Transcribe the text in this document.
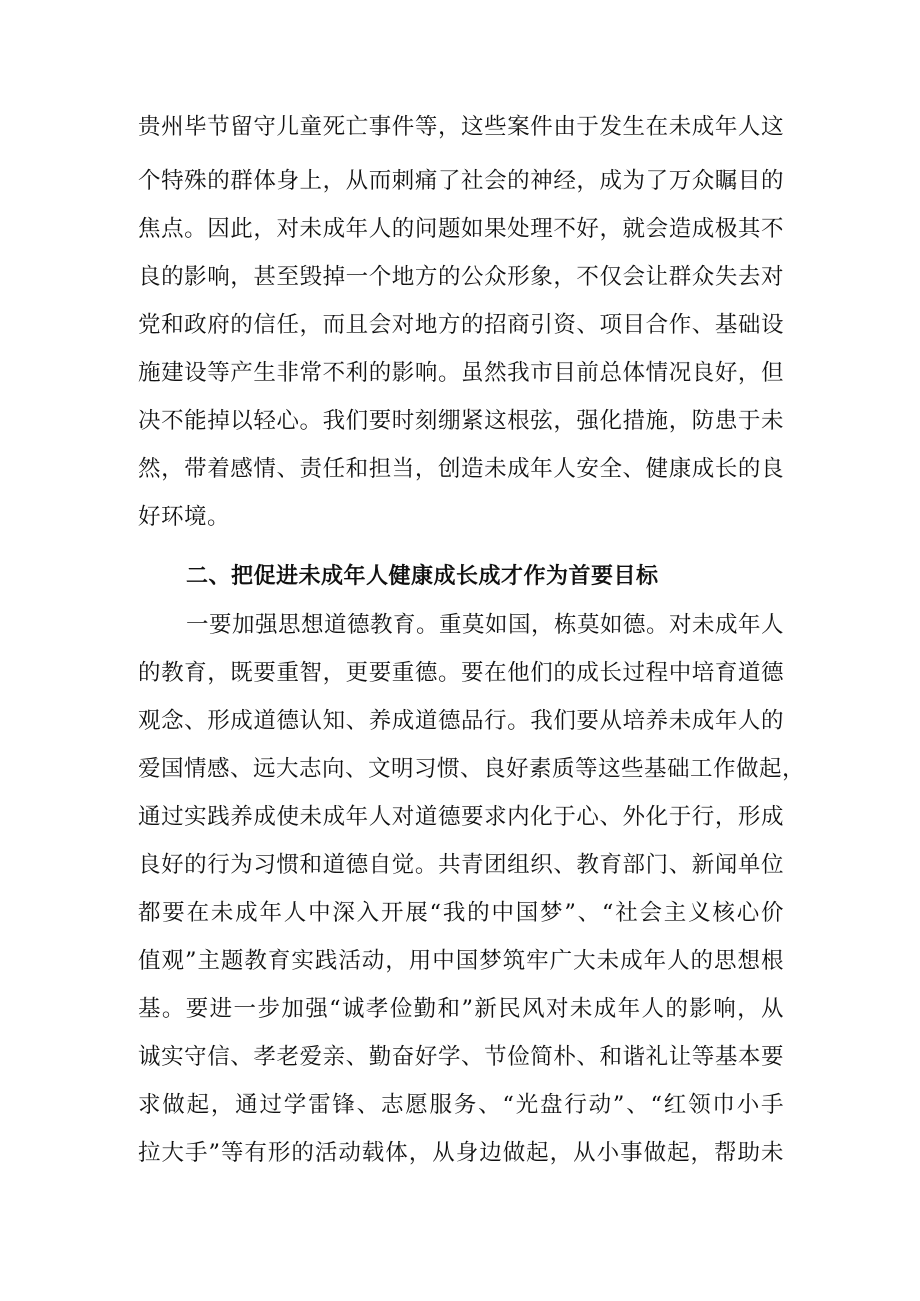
贵州毕节留守儿童死亡事件等，这些案件由于发生在未成年人这
个特殊的群体身上，从而刺痛了社会的神经，成为了万众瞩目的
焦点。因此，对未成年人的问题如果处理不好，就会造成极其不
良的影响，甚至毁掉一个地方的公众形象，不仅会让群众失去对
党和政府的信任，而且会对地方的招商引资、项目合作、基础设
施建设等产生非常不利的影响。虽然我市目前总体情况良好，但
决不能掉以轻心。我们要时刻绷紧这根弦，强化措施，防患于未
然，带着感情、责任和担当，创造未成年人安全、健康成长的良
好环境。
二、把促进未成年人健康成长成才作为首要目标
一要加强思想道德教育。重莫如国，栋莫如德。对未成年人
的教育，既要重智，更要重德。要在他们的成长过程中培育道德
观念、形成道德认知、养成道德品行。我们要从培养未成年人的
爱国情感、远大志向、文明习惯、良好素质等这些基础工作做起，
通过实践养成使未成年人对道德要求内化于心、外化于行，形成
良好的行为习惯和道德自觉。共青团组织、教育部门、新闻单位
都要在未成年人中深入开展“我的中国梦”、“社会主义核心价
值观”主题教育实践活动，用中国梦筑牢广大未成年人的思想根
基。要进一步加强“诚孝俭勤和”新民风对未成年人的影响，从
诚实守信、孝老爱亲、勤奋好学、节俭简朴、和谐礼让等基本要
求做起，通过学雷锋、志愿服务、“光盘行动”、“红领巾小手
拉大手”等有形的活动载体，从身边做起，从小事做起，帮助未
